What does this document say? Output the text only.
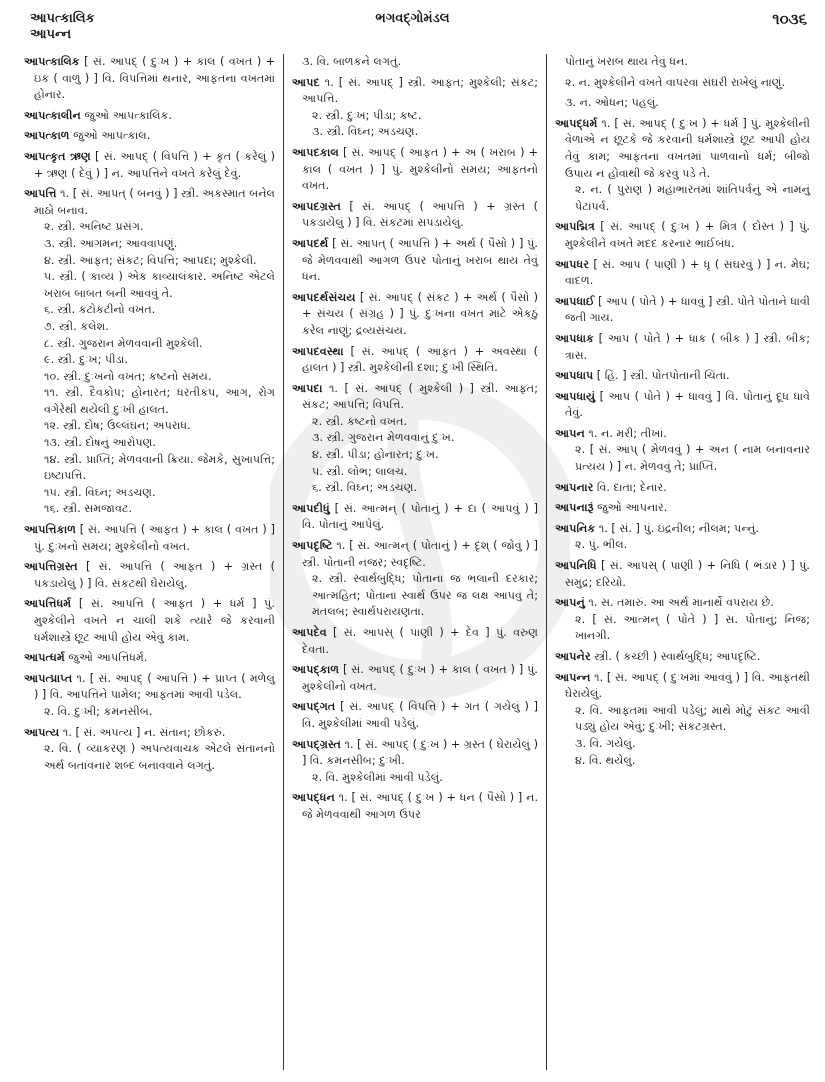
આપત્કાલિક
આપન્ન
ભગવદ્ગોમંડલ	૧૦૩૬
આપત્કાલિક [ સં. આપદ્ ( દુઃખ ) + કાલ ( વખત ) + ઇક ( વાળું ) ] વિ. વિપત્તિમાં થનાર, આફતના વખતમાં હોનાર.
આપત્કાલીન જુઓ આપત્કાલિક.
આપત્કાળ જુઓ આપત્કાલ.
આપત્કૃત ઋણ [ સં. આપદ્ ( વિપત્તિ ) + કૃત ( કરેલું ) + ઋણ ( દેવું ) ] ન. આપત્તિને વખતે કરેલું દેવું.
આપત્તિ ૧. [ સં. આપત્ ( બનવું ) ] સ્ત્રી. અકસ્માત બનેલ માઠો બનાવ.
૨. સ્ત્રી. અનિષ્ટ પ્રસંગ.
૩. સ્ત્રી. આગમન; આવવાપણું.
૪. સ્ત્રી. આફત; સંકટ; વિપત્તિ; આપદા; મુશ્કેલી.
૫. સ્ત્રી. ( કાવ્ય ) એક કાવ્યાલંકાર. અનિષ્ટ એટલે ખરાબ બાબત બની આવવું તે.
૬. સ્ત્રી. કટોકટીનો વખત.
૭. સ્ત્રી. કલેશ.
૮. સ્ત્રી. ગુજરાન મેળવવાની મુશ્કેલી.
૯. સ્ત્રી. દુઃખ; પીડા.
૧૦. સ્ત્રી. દુઃખનો વખત; કષ્ટનો સમય.
૧૧. સ્ત્રી. દૈવકોપ; હોનારત; ધરતીકંપ, આગ, રોગ વગેરેથી થયેલી દુઃખી હાલત.
૧૨. સ્ત્રી. દોષ; ઉલ્લંઘન; અપરાધ.
૧૩. સ્ત્રી. દોષનું આરોપણ.
૧૪. સ્ત્રી. પ્રાપ્તિ; મેળવવાની ક્રિયા. જેમકે, સુખાપત્તિ; ઇષ્ટાપત્તિ.
૧૫. સ્ત્રી. વિઘ્ન; અડચણ.
૧૬. સ્ત્રી. સમજાવટ.
આપત્તિકાળ [ સં. આપત્તિ ( આફત ) + કાલ ( વખત ) ] પું. દુઃખનો સમય; મુશ્કેલીનો વખત.
આપત્તિગ્રસ્ત [ સં. આપત્તિ ( આફત ) + ગ્રસ્ત ( પકડાયેલું ) ] વિ. સંકટથી ઘેરાયેલું.
આપત્તિધર્મ [ સં. આપત્તિ ( આફત ) + ધર્મ ] પું. મુશ્કેલીને વખતે ન ચાલી શકે ત્યારે જે કરવાની ધર્મશાસ્ત્રે છૂટ આપી હોય એવું કામ.
આપત્ધર્મ જુઓ આપત્તિધર્મ.
આપત્પ્રાપ્ત ૧. [ સં. આપદ્ ( આપત્તિ ) + પ્રાપ્ત ( મળેલું ) ] વિ. આપત્તિને પામેલ; આફતમાં આવી પડેલ.
૨. વિ. દુઃખી; કમનસીબ.
આપત્ય ૧. [ સં. અપત્ય ] ન. સંતાન; છોકરું.
૨. વિ. ( વ્યાકરણ ) અપત્યવાચક એટલે સંતાનનો અર્થ બતાવનાર શબ્દ બનાવવાને લગતું.
૩. વિ. બાળકને લગતું.
આપદ ૧. [ સં. આપદ્ ] સ્ત્રી. આફત; મુશ્કેલી; સંકટ; આપત્તિ.
૨. સ્ત્રી. દુઃખ; પીડા; કષ્ટ.
૩. સ્ત્રી. વિઘ્ન; અડચણ.
આપદકાલ [ સં. આપદ્ ( આફત ) + અ ( ખરાબ ) + કાલ ( વખત ) ] પું. મુશ્કેલીનો સમય; આફતનો વખત.
આપદગ્રસ્ત [ સં. આપદ્ ( આપત્તિ ) + ગ્રસ્ત ( પકડાયેલું ) ] વિ. સંકટમાં સપડાયેલું.
આપદર્થ [ સં. આપત્ ( આપત્તિ ) + અર્થ ( પૈસો ) ] પું. જે મેળવવાથી આગળ ઉપર પોતાનું ખરાબ થાય તેવું ધન.
આપદર્થસંચય [ સં. આપદ્ ( સંકટ ) + અર્થ ( પૈસો ) + સંચય ( સંગ્રહ ) ] પું. દુઃખના વખત માટે એકઠું કરેલ નાણું; દ્રવ્યસંચય.
આપદવસ્થા [ સં. આપદ્ ( આફત ) + અવસ્થા ( હાલત ) ] સ્ત્રી. મુશ્કેલીની દશા; દુઃખી સ્થિતિ.
આપદા ૧. [ સં. આપદ્ ( મુશ્કેલી ) ] સ્ત્રી. આફત; સંકટ; આપત્તિ; વિપત્તિ.
૨. સ્ત્રી. કષ્ટનો વખત.
૩. સ્ત્રી. ગુજરાન મેળવવાનું દુઃખ.
૪. સ્ત્રી. પીડા; હોનારત; દુઃખ.
૫. સ્ત્રી. લોભ; લાલચ.
૬. સ્ત્રી. વિઘ્ન; અડચણ.
આપદીધું [ સં. આત્મન્ ( પોતાનું ) + દા ( આપવું ) ] વિ. પોતાનું આપેલું.
આપદૃષ્ટિ ૧. [ સં. આત્મન્ ( પોતાનું ) + દૃશ્ ( જોવું ) ] સ્ત્રી. પોતાની નજર; સ્વદૃષ્ટિ.
૨. સ્ત્રી. સ્વાર્થબુદ્ધિ; પોતાના જ ભલાની દરકાર; આત્મહિત; પોતાના સ્વાર્થ ઉપર જ લક્ષ આપવું તે; મતલબ; સ્વાર્થપરાયણતા.
આપદેવ [ સં. આપસ્ ( પાણી ) + દેવ ] પું. વરુણ દેવતા.
આપદ્કાળ [ સં. આપદ્ ( દુઃખ ) + કાલ ( વખત ) ] પું. મુશ્કેલીનો વખત.
આપદ્ગત [ સં. આપદ્ ( વિપત્તિ ) + ગત ( ગયેલું ) ] વિ. મુશ્કેલીમાં આવી પડેલું.
આપદ્ગ્રસ્ત ૧. [ સં. આપદ્ ( દુઃખ ) + ગ્રસ્ત ( ઘેરાયેલું ) ] વિ. કમનસીબ; દુઃખી.
૨. વિ. મુશ્કેલીમાં આવી પડેલું.
આપદ્ધન ૧. [ સં. આપદ્ ( દુઃખ ) + ધન ( પૈસો ) ] ન. જે મેળવવાથી આગળ ઉપર
પોતાનું ખરાબ થાય તેવું ધન.
૨. ન. મુશ્કેલીને વખતે વાપરવા સંઘરી રાખેલું નાણું.
૩. ન. ઓધન; પહલું.
આપદ્ધર્મ ૧. [ સં. આપદ્ ( દુઃખ ) + ધર્મ ] પું. મુશ્કેલીની વેળાએ ન છૂટકે જે કરવાની ધર્મશાસ્ત્રે છૂટ આપી હોય તેવું કામ; આફતના વખતમાં પાળવાનો ધર્મ; બીજો ઉપાય ન હોવાથી જે કરવું પડે તે.
૨. ન. ( પુરાણ ) મહાભારતમાં શાંતિપર્વનું એ નામનું પેટાપર્વ.
આપદ્મિત્ર [ સં. આપદ્ ( દુઃખ ) + મિત્ર ( દોસ્ત ) ] પું. મુશ્કેલીને વખતે મદદ કરનાર ભાઈબંધ.
આપધર [ સં. આપ ( પાણી ) + ધૃ ( સંઘરવું ) ] ન. મેઘ; વાદળ.
આપધાઈ [ આપ ( પોતે ) + ધાવવું ] સ્ત્રી. પોતે પોતાને ધાવી જતી ગાય.
આપધાક [ આપ ( પોતે ) + ધાક ( બીક ) ] સ્ત્રી. બીક; ત્રાસ.
આપધાપ [ હિં. ] સ્ત્રી. પોતપોતાની ચિંતા.
આપધાયું [ આપ ( પોતે ) + ધાવવું ] વિ. પોતાનું દૂધ ધાવે તેવું.
આપન ૧. ન. મરી; તીખાં.
૨. [ સં. આપ્ ( મેળવવું ) + અન ( નામ બનાવનાર પ્રત્યય ) ] ન. મેળવવું તે; પ્રાપ્તિ.
આપનાર વિ. દાતા; દેનાર.
આપનારૂં જુઓ આપનાર.
આપનિક ૧. [ સં. ] પું. ઇંદ્રનીલ; નીલમ; પન્નું.
૨. પું. ભીલ.
આપનિધિ [ સં. આપસ્ ( પાણી ) + નિધિ ( ભંડાર ) ] પું. સમુદ્ર; દરિયો.
આપનું ૧. સ. તમારું. આ અર્થ માનાર્થે વપરાય છે.
૨. [ સં. આત્મન્ ( પોતે ) ] સ. પોતાનું; નિજ; ખાનગી.
આપનેર સ્ત્રી. ( કચ્છી ) સ્વાર્થબુદ્ધિ; આપદૃષ્ટિ.
આપન્ન ૧. [ સં. આપદ્ ( દુઃખમાં આવવું ) ] વિ. આફતથી ઘેરાયેલું.
૨. વિ. આફતમાં આવી પડેલું; માથે મોટું સંકટ આવી પડ્યું હોય એવું; દુઃખી; સંકટગ્રસ્ત.
૩. વિ. ગયેલું.
૪. વિ. થયેલું.
